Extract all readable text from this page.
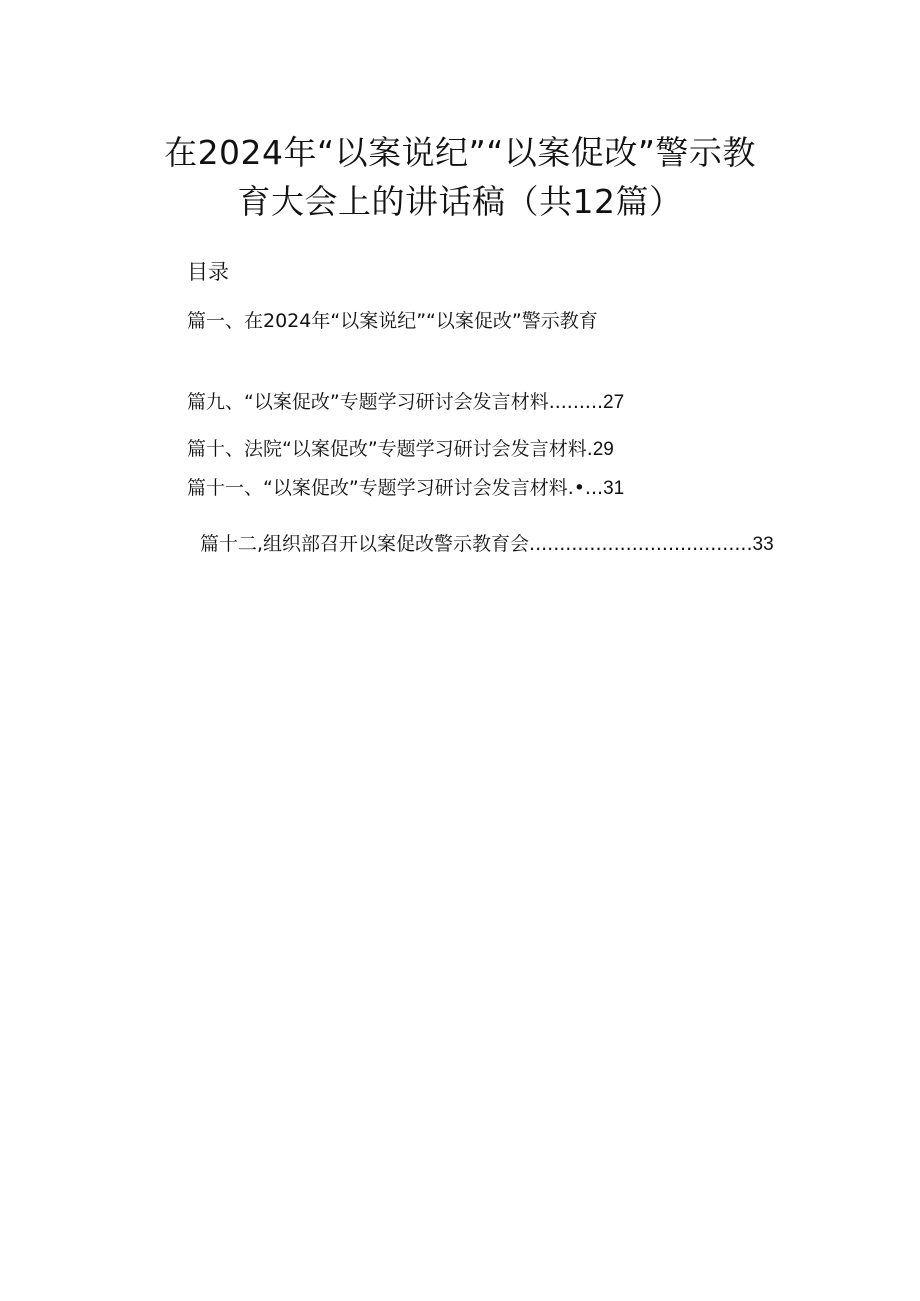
在2024年“以案说纪”“以案促改”警示教
育大会上的讲话稿（共12篇）
目录
篇一、在2024年“以案说纪”“以案促改”警示教育
篇九、“以案促改”专题学习研讨会发言材料.........27
篇十、法院“以案促改”专题学习研讨会发言材料.29
篇十一、“以案促改”专题学习研讨会发言材料.•...31
篇十二,组织部召开以案促改警示教育会.....................................33
